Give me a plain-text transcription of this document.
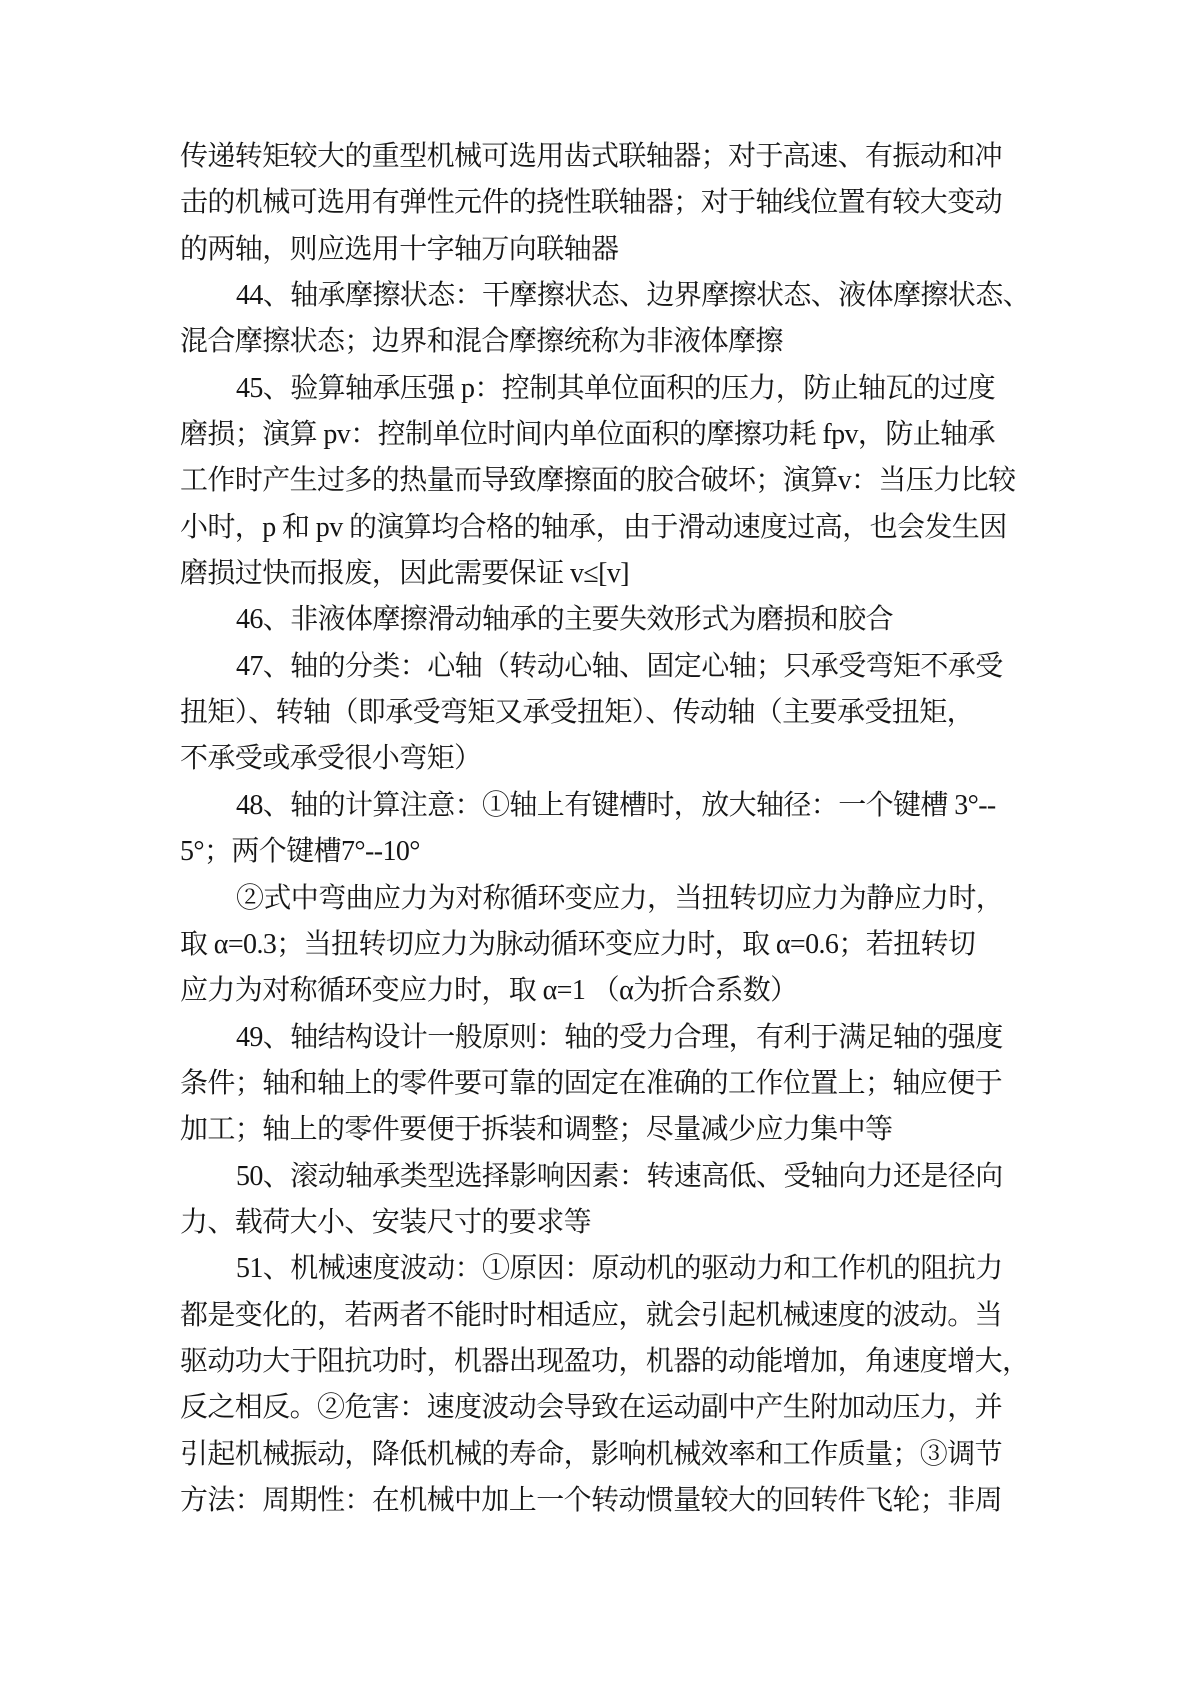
传递转矩较大的重型机械可选用齿式联轴器；对于高速、有振动和冲
击的机械可选用有弹性元件的挠性联轴器；对于轴线位置有较大变动
的两轴，则应选用十字轴万向联轴器
44、轴承摩擦状态：干摩擦状态、边界摩擦状态、液体摩擦状态、
混合摩擦状态；边界和混合摩擦统称为非液体摩擦
45、验算轴承压强 p：控制其单位面积的压力，防止轴瓦的过度
磨损；演算 pv：控制单位时间内单位面积的摩擦功耗 fpv，防止轴承
工作时产生过多的热量而导致摩擦面的胶合破坏；演算v：当压力比较
小时，p 和 pv 的演算均合格的轴承，由于滑动速度过高，也会发生因
磨损过快而报废，因此需要保证 v≤[v]
46、非液体摩擦滑动轴承的主要失效形式为磨损和胶合
47、轴的分类：心轴（转动心轴、固定心轴；只承受弯矩不承受
扭矩）、转轴（即承受弯矩又承受扭矩）、传动轴（主要承受扭矩，
不承受或承受很小弯矩）
48、轴的计算注意：①轴上有键槽时，放大轴径：一个键槽 3°--
5°；两个键槽7°--10°
②式中弯曲应力为对称循环变应力，当扭转切应力为静应力时，
取 α=0.3；当扭转切应力为脉动循环变应力时，取 α=0.6；若扭转切
应力为对称循环变应力时，取 α=1 （α为折合系数）
49、轴结构设计一般原则：轴的受力合理，有利于满足轴的强度
条件；轴和轴上的零件要可靠的固定在准确的工作位置上；轴应便于
加工；轴上的零件要便于拆装和调整；尽量减少应力集中等
50、滚动轴承类型选择影响因素：转速高低、受轴向力还是径向
力、载荷大小、安装尺寸的要求等
51、机械速度波动：①原因：原动机的驱动力和工作机的阻抗力
都是变化的，若两者不能时时相适应，就会引起机械速度的波动。当
驱动功大于阻抗功时，机器出现盈功，机器的动能增加，角速度增大，
反之相反。②危害：速度波动会导致在运动副中产生附加动压力，并
引起机械振动，降低机械的寿命，影响机械效率和工作质量；③调节
方法：周期性：在机械中加上一个转动惯量较大的回转件飞轮；非周
